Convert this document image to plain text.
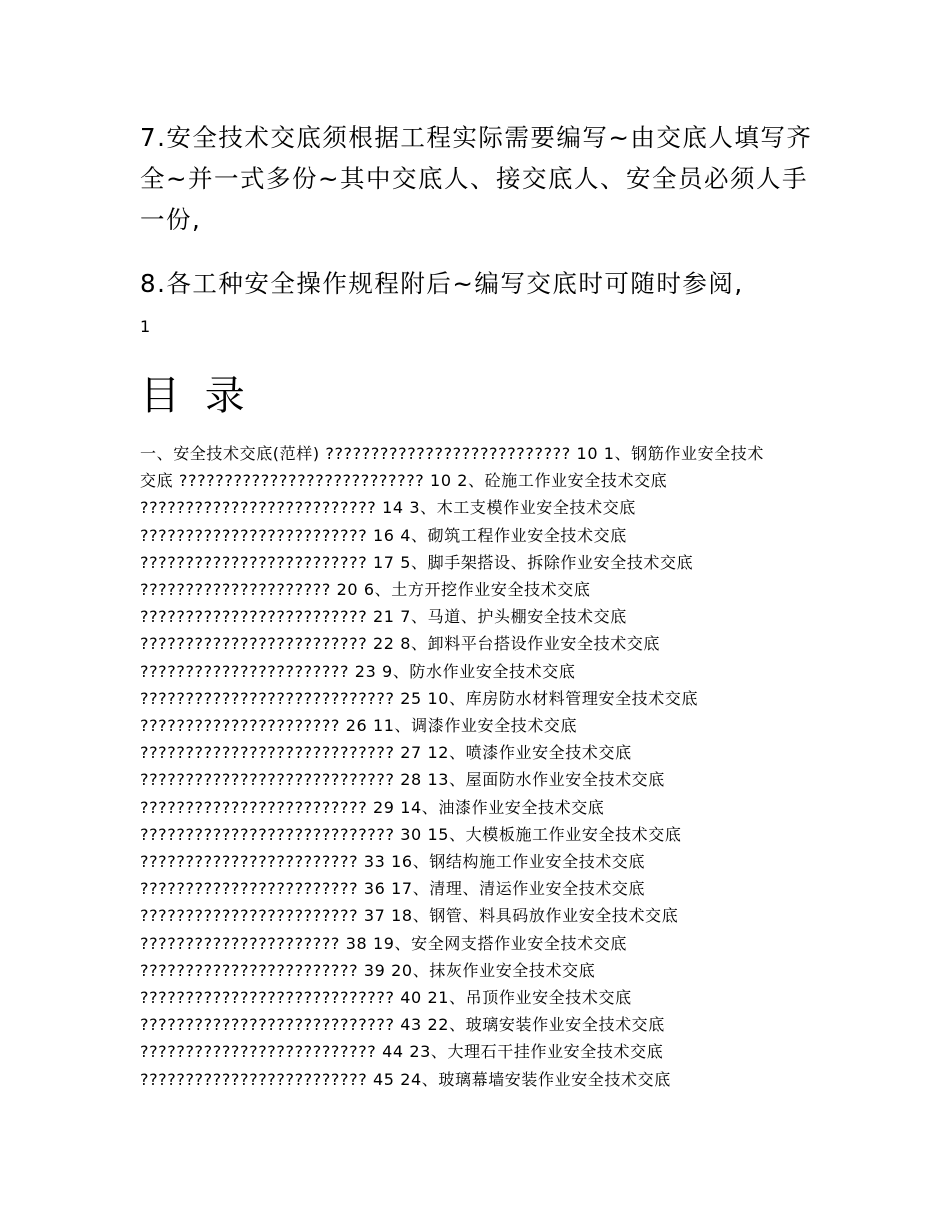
7.安全技术交底须根据工程实际需要编写~由交底人填写齐全~并一式多份~其中交底人、接交底人、安全员必须人手一份,

8.各工种安全操作规程附后~编写交底时可随时参阅,

1
目 录
一、安全技术交底(范样) ??????????????????????????? 10 1、钢筋作业安全技术
交底 ??????????????????????????? 10 2、砼施工作业安全技术交底
?????????????????????????? 14 3、木工支模作业安全技术交底
????????????????????????? 16 4、砌筑工程作业安全技术交底
????????????????????????? 17 5、脚手架搭设、拆除作业安全技术交底
????????????????????? 20 6、土方开挖作业安全技术交底
????????????????????????? 21 7、马道、护头棚安全技术交底
????????????????????????? 22 8、卸料平台搭设作业安全技术交底
??????????????????????? 23 9、防水作业安全技术交底
???????????????????????????? 25 10、库房防水材料管理安全技术交底
?????????????????????? 26 11、调漆作业安全技术交底
???????????????????????????? 27 12、喷漆作业安全技术交底
???????????????????????????? 28 13、屋面防水作业安全技术交底
????????????????????????? 29 14、油漆作业安全技术交底
???????????????????????????? 30 15、大模板施工作业安全技术交底
???????????????????????? 33 16、钢结构施工作业安全技术交底
???????????????????????? 36 17、清理、清运作业安全技术交底
???????????????????????? 37 18、钢管、料具码放作业安全技术交底
?????????????????????? 38 19、安全网支搭作业安全技术交底
???????????????????????? 39 20、抹灰作业安全技术交底
???????????????????????????? 40 21、吊顶作业安全技术交底
???????????????????????????? 43 22、玻璃安装作业安全技术交底
?????????????????????????? 44 23、大理石干挂作业安全技术交底
????????????????????????? 45 24、玻璃幕墙安装作业安全技术交底
